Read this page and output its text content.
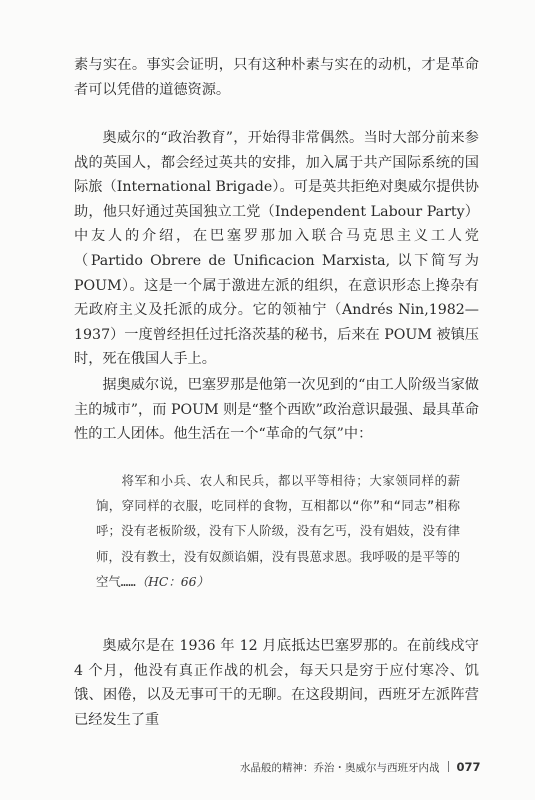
素与实在。事实会证明，只有这种朴素与实在的动机，才是革命者可以凭借的道德资源。

奥威尔的“政治教育”，开始得非常偶然。当时大部分前来参战的英国人，都会经过英共的安排，加入属于共产国际系统的国际旅（International Brigade）。可是英共拒绝对奥威尔提供协助，他只好通过英国独立工党（Independent Labour Party）中友人的介绍，在巴塞罗那加入联合马克思主义工人党（Partido Obrere de Unificacion Marxista, 以下简写为 POUM）。这是一个属于激进左派的组织，在意识形态上搀杂有无政府主义及托派的成分。它的领袖宁（Andrés Nin,1982—1937）一度曾经担任过托洛茨基的秘书，后来在 POUM 被镇压时，死在俄国人手上。

据奥威尔说，巴塞罗那是他第一次见到的“由工人阶级当家做主的城市”，而 POUM 则是“整个西欧”政治意识最强、最具革命性的工人团体。他生活在一个“革命的气氛”中：

将军和小兵、农人和民兵，都以平等相待；大家领同样的薪饷，穿同样的衣服，吃同样的食物，互相都以“你”和“同志”相称呼；没有老板阶级，没有下人阶级，没有乞丐，没有娼妓，没有律师，没有教士，没有奴颜谄媚，没有畏葸求恩。我呼吸的是平等的空气……（HC：66）

奥威尔是在 1936 年 12 月底抵达巴塞罗那的。在前线戍守 4 个月，他没有真正作战的机会，每天只是穷于应付寒冷、饥饿、困倦，以及无事可干的无聊。在这段期间，西班牙左派阵营已经发生了重

水晶般的精神：乔治・奥威尔与西班牙内战 077
